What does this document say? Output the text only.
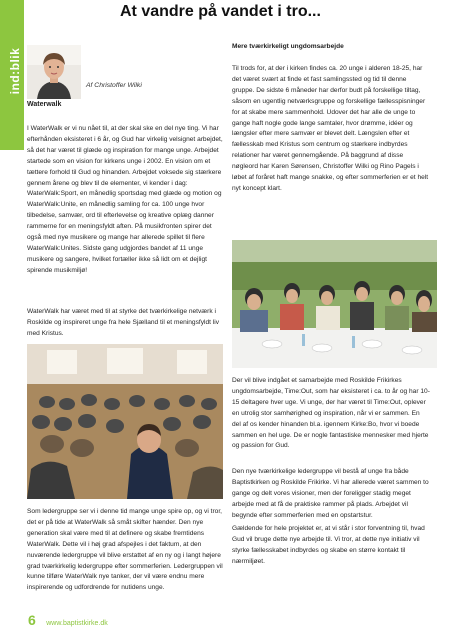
ind:blik
At vandre på vandet i tro...

Mere tværkirkeligt ungdomsarbejde

Af Christoffer Wilki

Waterwalk

I WaterWalk er vi nu nået til, at der skal ske en del nye ting. Vi har efterhånden eksisteret i 6 år, og Gud har virkelig velsignet arbejdet, så det har været til glæde og inspiration for mange unge. Arbejdet startede som en vision for kirkens unge i 2002. En vision om et tættere forhold til Gud og hinanden. Arbejdet voksede sig stærkere gennem årene og blev til de elementer, vi kender i dag: WaterWalk:Sport, en månedlig sportsdag med glæde og motion og WaterWalk:Unite, en månedlig samling for ca. 100 unge hvor tilbedelse, samvær, ord til efterlevelse og kreative oplæg danner rammerne for en meningsfyldt aften. På musikfronten spirer det også med nye musikere og mange har allerede spillet til flere WaterWalk:Unites. Sidste gang udgjordes bandet af 11 unge musikere og sangere, hvilket fortæller ikke så lidt om et dejligt spirende musikmiljø!

WaterWalk har været med til at styrke det tværkirkelige netværk i Roskilde og inspireret unge fra hele Sjælland til et meningsfyldt liv med Kristus.

Som ledergruppe ser vi i denne tid mange unge spire op, og vi tror, det er på tide at WaterWalk så småt skifter hænder. Den nye generation skal være med til at definere og skabe fremtidens WaterWalk. Dette vil i høj grad afspejles i det faktum, at den nuværende ledergruppe vil blive erstattet af en ny og i langt højere grad tværkirkelig ledergruppe efter sommerferien. Ledergruppen vil kunne tilføre WaterWalk nye tanker, der vil være endnu mere inspirerende og udfordrende for nutidens unge.

Til trods for, at der i kirken findes ca. 20 unge i alderen 18-25, har det været svært at finde et fast samlingssted og tid til denne gruppe. De sidste 6 måneder har derfor budt på forskellige tiltag, såsom en ugentlig netværksgruppe og forskellige fællesspisninger for at skabe mere sammenhold. Udover det har alle de unge to gange haft nogle gode lange samtaler, hvor drømme, idéer og længsler efter mere samvær er blevet delt. Længslen efter et fællesskab med Kristus som centrum og stærkere indbyrdes relationer har været gennemgående. På baggrund af disse nøgleord har Karen Sørensen, Christoffer Wilki og Rino Pagels i løbet af foråret haft mange snakke, og efter sommerferien er et helt nyt koncept klart.

Der vil blive indgået et samarbejde med Roskilde Frikirkes ungdomsarbejde, Time:Out, som har eksisteret i ca. to år og har 10-15 deltagere hver uge. Vi unge, der har været til Time:Out, oplever en utrolig stor samhørighed og inspiration, når vi er sammen. En del af os kender hinanden bl.a. igennem Kirke:Bo, hvor vi boede sammen en hel uge. De er nogle fantastiske mennesker med hjerte og passion for Gud.

Den nye tværkirkelige ledergruppe vil bestå af unge fra både Baptistkirken og Roskilde Frikirke. Vi har allerede været sammen to gange og delt vores visioner, men der foreligger stadig meget arbejde med at få de praktiske rammer på plads. Arbejdet vil begynde efter sommerferien med en opstartstur.

Gældende for hele projektet er, at vi står i stor forventning til, hvad Gud vil bruge dette nye arbejde til. Vi tror, at dette nye initiativ vil styrke fællesskabet indbyrdes og skabe en større kontakt til nærmiljøet.

6 www.baptistkirke.dk
